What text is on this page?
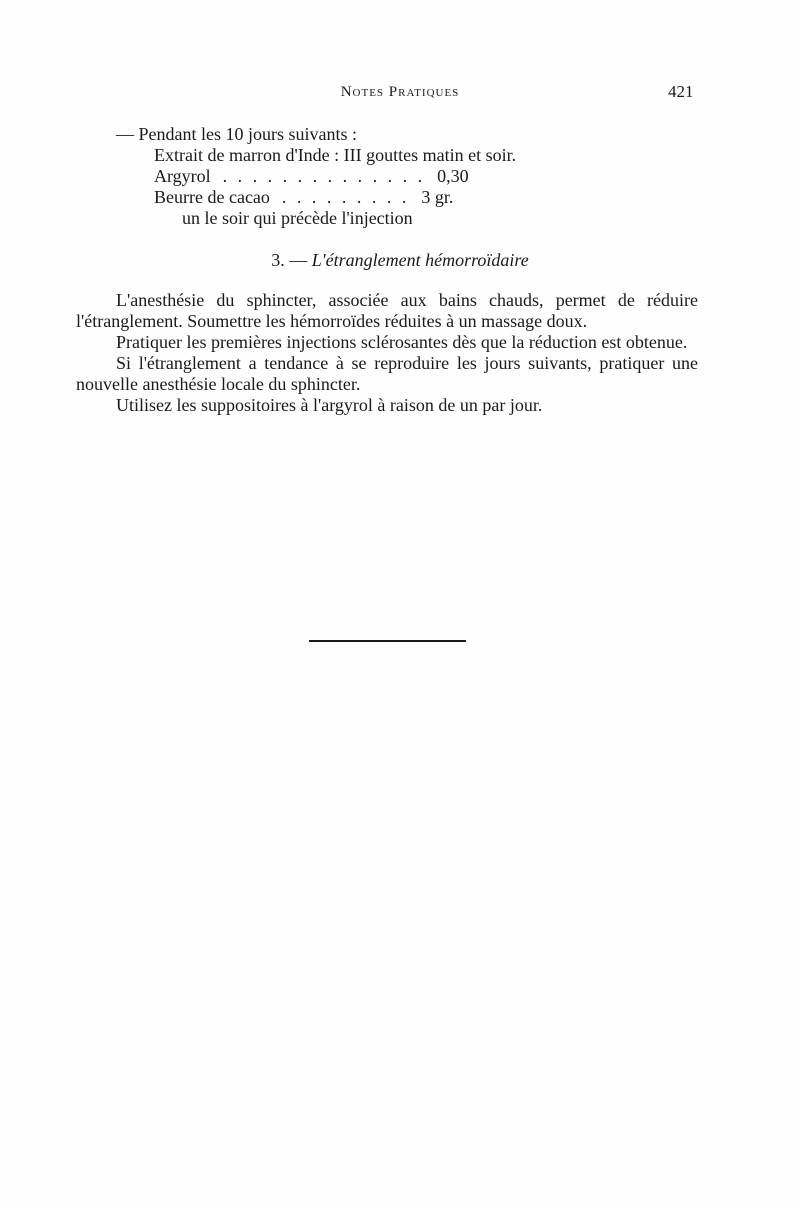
Notes Pratiques	421
— Pendant les 10 jours suivants :
Extrait de marron d'Inde : III gouttes matin et soir.
Argyrol  . . . . . . . . . . . . . .  0,30
Beurre de cacao  . . . . . . . . .  3 gr.
un le soir qui précède l'injection
3. — L'étranglement hémorroïdaire

L'anesthésie du sphincter, associée aux bains chauds, permet de réduire l'étranglement. Soumettre les hémorroïdes réduites à un massage doux.

Pratiquer les premières injections sclérosantes dès que la réduction est obtenue.

Si l'étranglement a tendance à se reproduire les jours suivants, pratiquer une nouvelle anesthésie locale du sphincter.

Utilisez les suppositoires à l'argyrol à raison de un par jour.
